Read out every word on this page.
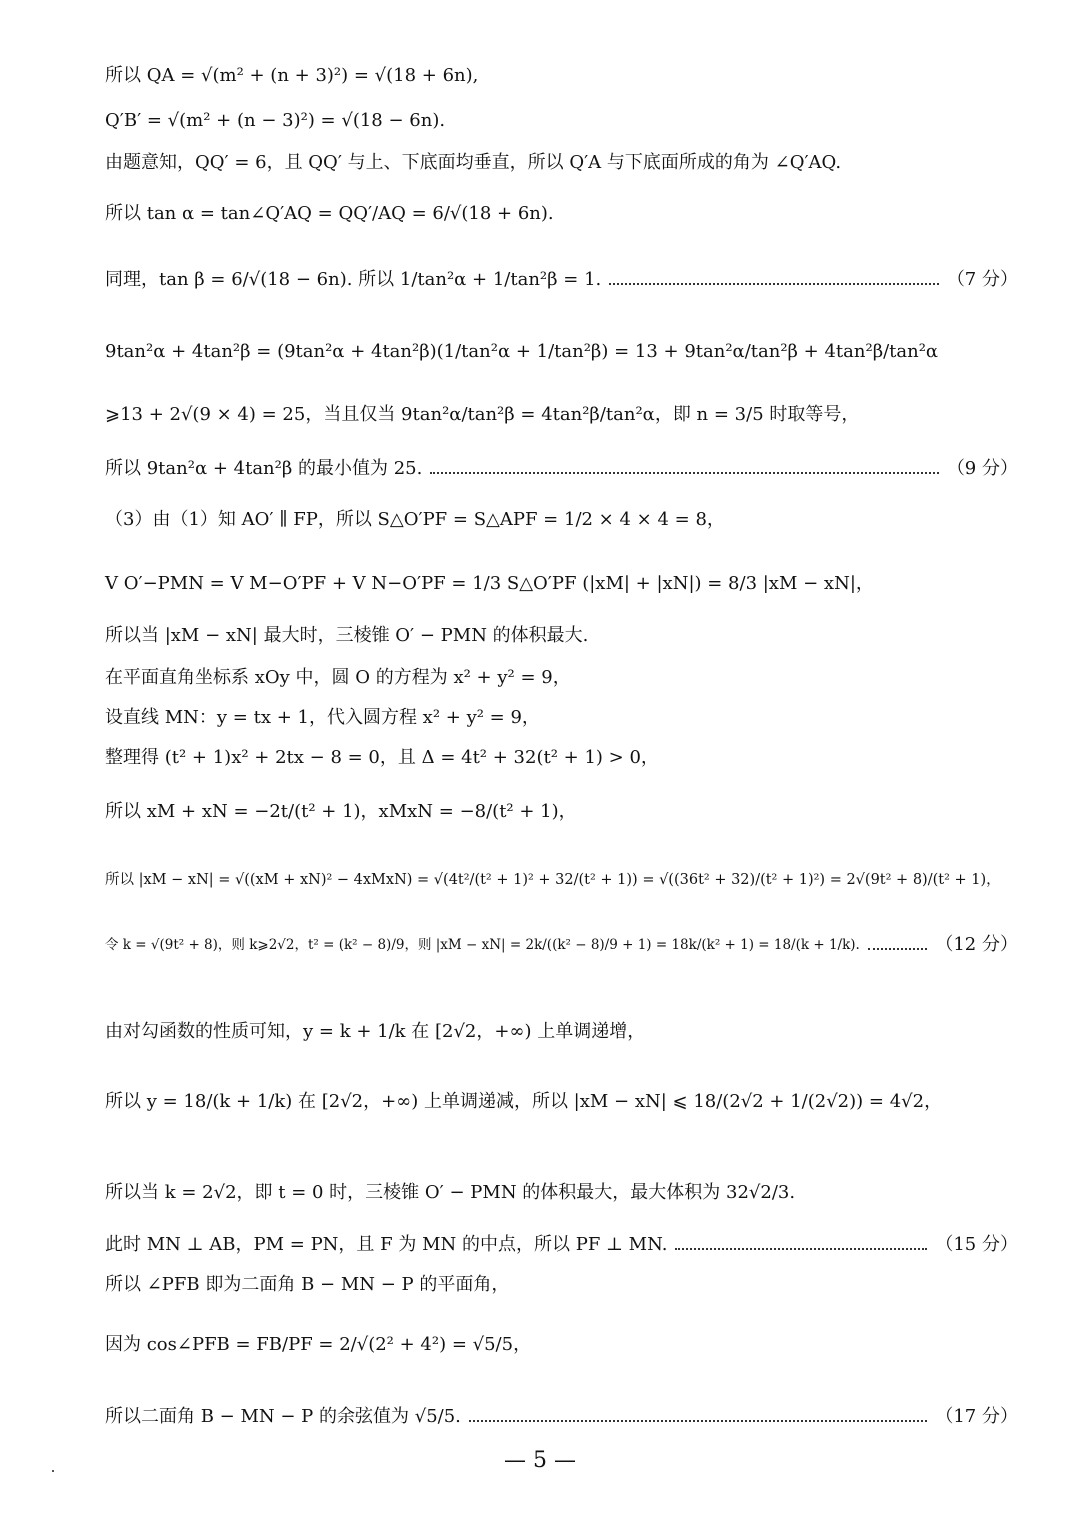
所以 QA = √(m² + (n + 3)²) = √(18 + 6n),
Q′B′ = √(m² + (n − 3)²) = √(18 − 6n).
由题意知，QQ′ = 6，且 QQ′ 与上、下底面均垂直，所以 Q′A 与下底面所成的角为 ∠Q′AQ.
所以 tan α = tan∠Q′AQ = QQ′/AQ = 6/√(18 + 6n).
同理，tan β = 6/√(18 − 6n). 所以 1/tan²α + 1/tan²β = 1.	（7 分）
9tan²α + 4tan²β = (9tan²α + 4tan²β)(1/tan²α + 1/tan²β) = 13 + 9tan²α/tan²β + 4tan²β/tan²α
⩾13 + 2√(9 × 4) = 25，当且仅当 9tan²α/tan²β = 4tan²β/tan²α，即 n = 3/5 时取等号，
所以 9tan²α + 4tan²β 的最小值为 25.	（9 分）
（3）由（1）知 AO′ ∥ FP，所以 S△O′PF = S△APF = 1/2 × 4 × 4 = 8，
V O′−PMN = V M−O′PF + V N−O′PF = 1/3 S△O′PF (|xM| + |xN|) = 8/3 |xM − xN|，
所以当 |xM − xN| 最大时，三棱锥 O′ − PMN 的体积最大.
在平面直角坐标系 xOy 中，圆 O 的方程为 x² + y² = 9，
设直线 MN：y = tx + 1，代入圆方程 x² + y² = 9，
整理得 (t² + 1)x² + 2tx − 8 = 0，且 Δ = 4t² + 32(t² + 1) > 0，
所以 xM + xN = −2t/(t² + 1)，xMxN = −8/(t² + 1)，
所以 |xM − xN| = √((xM + xN)² − 4xMxN) = √(4t²/(t² + 1)² + 32/(t² + 1)) = √((36t² + 32)/(t² + 1)²) = 2√(9t² + 8)/(t² + 1)，
令 k = √(9t² + 8)，则 k⩾2√2，t² = (k² − 8)/9，则 |xM − xN| = 2k/((k² − 8)/9 + 1) = 18k/(k² + 1) = 18/(k + 1/k).	（12 分）
由对勾函数的性质可知，y = k + 1/k 在 [2√2，+∞) 上单调递增，
所以 y = 18/(k + 1/k) 在 [2√2，+∞) 上单调递减，所以 |xM − xN| ⩽ 18/(2√2 + 1/(2√2)) = 4√2，
所以当 k = 2√2，即 t = 0 时，三棱锥 O′ − PMN 的体积最大，最大体积为 32√2/3.
此时 MN ⊥ AB，PM = PN，且 F 为 MN 的中点，所以 PF ⊥ MN.	（15 分）
所以 ∠PFB 即为二面角 B − MN − P 的平面角，
因为 cos∠PFB = FB/PF = 2/√(2² + 4²) = √5/5，
所以二面角 B − MN − P 的余弦值为 √5/5.	（17 分）
— 5 —
